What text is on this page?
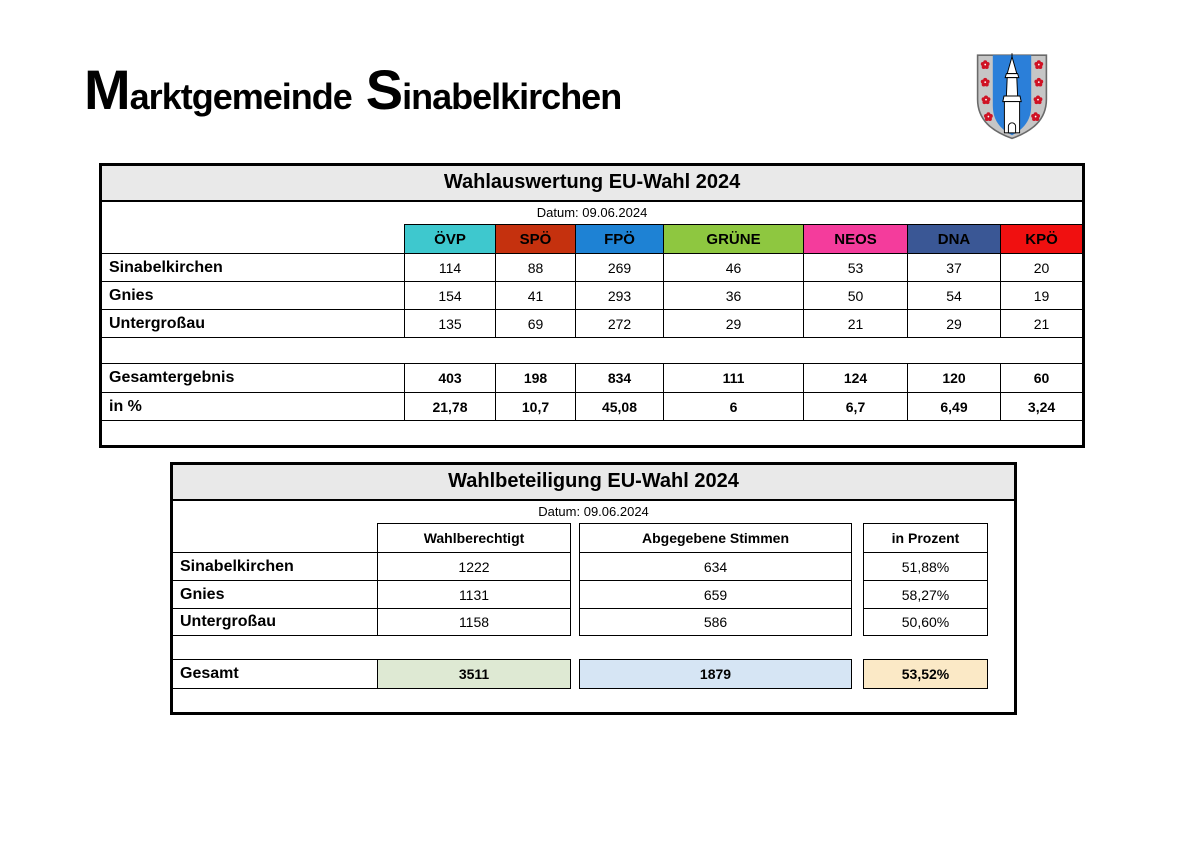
Marktgemeinde Sinabelkirchen
Wahlauswertung EU-Wahl 2024							
Datum: 09.06.2024							
	ÖVP	SPÖ	FPÖ	GRÜNE	NEOS	DNA	KPÖ
Sinabelkirchen	114	88	269	46	53	37	20
Gnies	154	41	293	36	50	54	19
Untergroßau	135	69	272	29	21	29	21

Gesamtergebnis	403	198	834	111	124	120	60
in %	21,78	10,7	45,08	6	6,7	6,49	3,24

Wahlbeteiligung EU-Wahl 2024						
Datum: 09.06.2024						
	Wahlberechtigt		Abgegebene Stimmen		in Prozent	
Sinabelkirchen	1222		634		51,88%	
Gnies	1131		659		58,27%	
Untergroßau	1158		586		50,60%	

Gesamt	3511		1879		53,52%	
